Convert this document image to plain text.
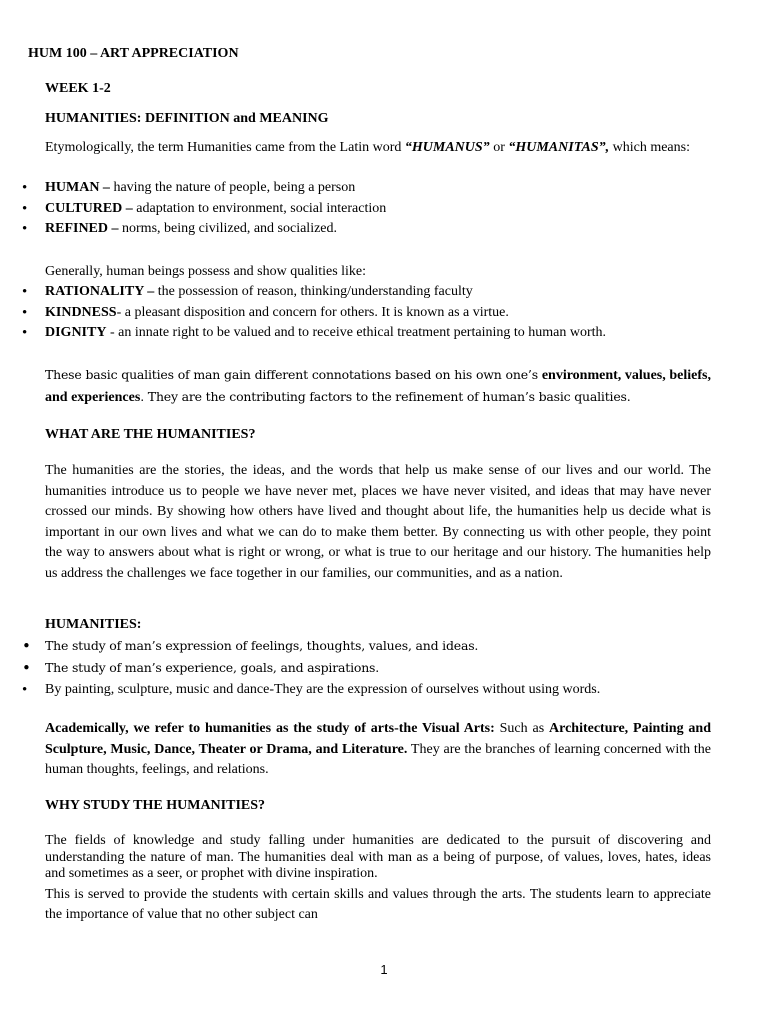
HUM 100 – ART APPRECIATION
WEEK 1-2
HUMANITIES: DEFINITION and MEANING

Etymologically, the term Humanities came from the Latin word “HUMANUS” or “HUMANITAS”, which means:

• HUMAN – having the nature of people, being a person
• CULTURED – adaptation to environment, social interaction
• REFINED – norms, being civilized, and socialized.
Generally, human beings possess and show qualities like:
• RATIONALITY – the possession of reason, thinking/understanding faculty
• KINDNESS- a pleasant disposition and concern for others. It is known as a virtue.
• DIGNITY - an innate right to be valued and to receive ethical treatment pertaining to human worth.

These basic qualities of man gain different connotations based on his own one’s environment, values, beliefs, and experiences. They are the contributing factors to the refinement of human’s basic qualities.

WHAT ARE THE HUMANITIES?

The humanities are the stories, the ideas, and the words that help us make sense of our lives and our world. The humanities introduce us to people we have never met, places we have never visited, and ideas that may have never crossed our minds. By showing how others have lived and thought about life, the humanities help us decide what is important in our own lives and what we can do to make them better. By connecting us with other people, they point the way to answers about what is right or wrong, or what is true to our heritage and our history. The humanities help us address the challenges we face together in our families, our communities, and as a nation.

HUMANITIES:
• The study of man’s expression of feelings, thoughts, values, and ideas.
• The study of man’s experience, goals, and aspirations.
• By painting, sculpture, music and dance-They are the expression of ourselves without using words.

Academically, we refer to humanities as the study of arts-the Visual Arts: Such as Architecture, Painting and Sculpture, Music, Dance, Theater or Drama, and Literature. They are the branches of learning concerned with the human thoughts, feelings, and relations.

WHY STUDY THE HUMANITIES?

The fields of knowledge and study falling under humanities are dedicated to the pursuit of discovering and understanding the nature of man. The humanities deal with man as a being of purpose, of values, loves, hates, ideas and sometimes as a seer, or prophet with divine inspiration.

This is served to provide the students with certain skills and values through the arts. The students learn to appreciate the importance of value that no other subject can

1
